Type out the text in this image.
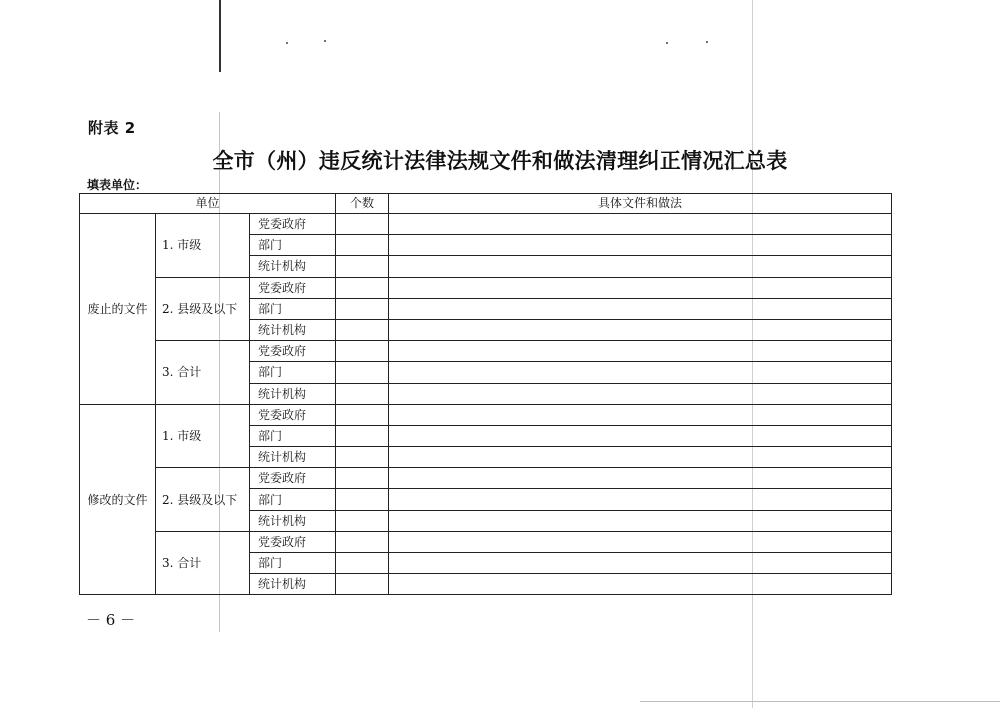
附表 2
全市（州）违反统计法律法规文件和做法清理纠正情况汇总表
填表单位：
单位			个数	具体文件和做法
废止的文件	1. 市级	党委政府		
		部门		
		统计机构		
	2. 县级及以下	党委政府		
		部门		
		统计机构		
	3. 合计	党委政府		
		部门		
		统计机构		
修改的文件	1. 市级	党委政府		
		部门		
		统计机构		
	2. 县级及以下	党委政府		
		部门		
		统计机构		
	3. 合计	党委政府		
		部门		
		统计机构		
－ 6 －
